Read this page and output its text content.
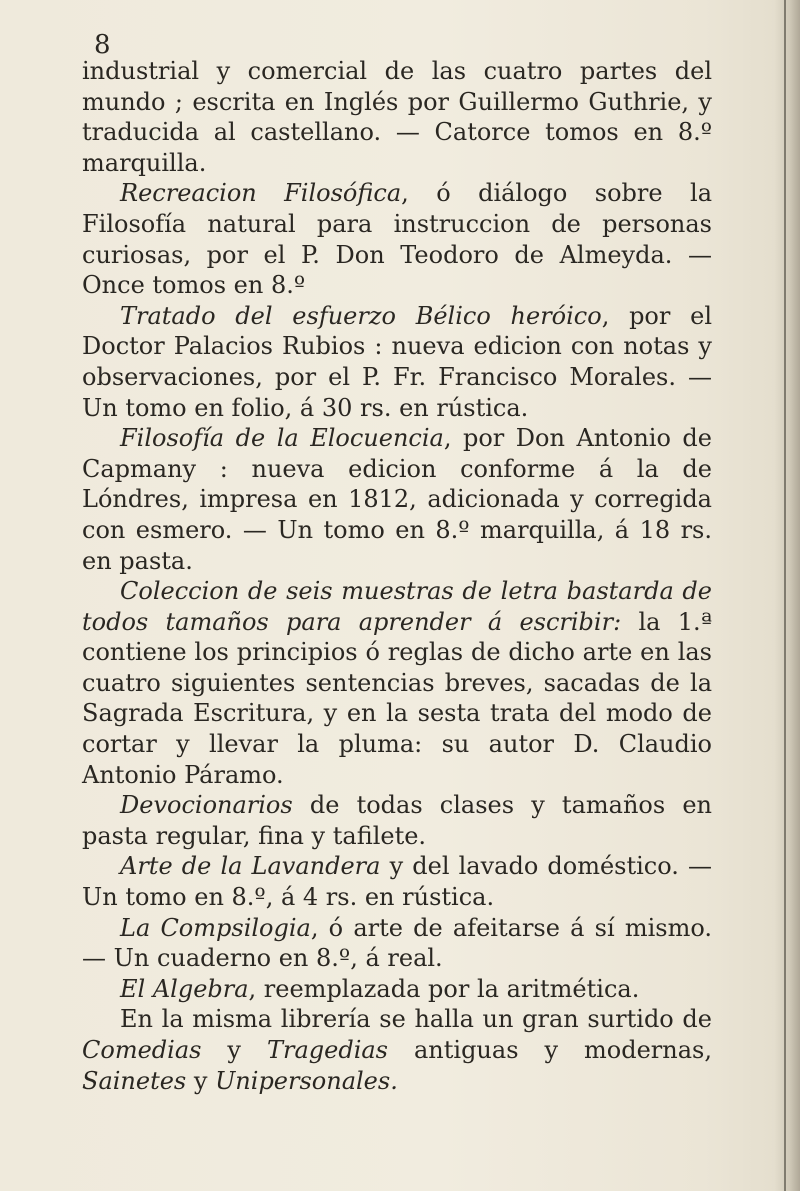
8

industrial y comercial de las cuatro partes del mundo ; escrita en Inglés por Guillermo Guthrie, y traducida al castellano. — Catorce tomos en 8.º marquilla.

Recreacion Filosófica, ó diálogo sobre la Filosofía natural para instruccion de personas curiosas, por el P. Don Teodoro de Almeyda. — Once tomos en 8.º

Tratado del esfuerzo Bélico heróico, por el Doctor Palacios Rubios : nueva edicion con notas y observaciones, por el P. Fr. Francisco Morales. — Un tomo en folio, á 30 rs. en rústica.

Filosofía de la Elocuencia, por Don Antonio de Capmany : nueva edicion conforme á la de Lóndres, impresa en 1812, adicionada y corregida con esmero. — Un tomo en 8.º marquilla, á 18 rs. en pasta.

Coleccion de seis muestras de letra bastarda de todos tamaños para aprender á escribir: la 1.ª contiene los principios ó reglas de dicho arte en las cuatro siguientes sentencias breves, sacadas de la Sagrada Escritura, y en la sesta trata del modo de cortar y llevar la pluma: su autor D. Claudio Antonio Páramo.

Devocionarios de todas clases y tamaños en pasta regular, fina y tafilete.

Arte de la Lavandera y del lavado doméstico. — Un tomo en 8.º, á 4 rs. en rústica.

La Compsilogia, ó arte de afeitarse á sí mismo. — Un cuaderno en 8.º, á real.

El Algebra, reemplazada por la aritmética.

En la misma librería se halla un gran surtido de Comedias y Tragedias antiguas y modernas, Sainetes y Unipersonales.
